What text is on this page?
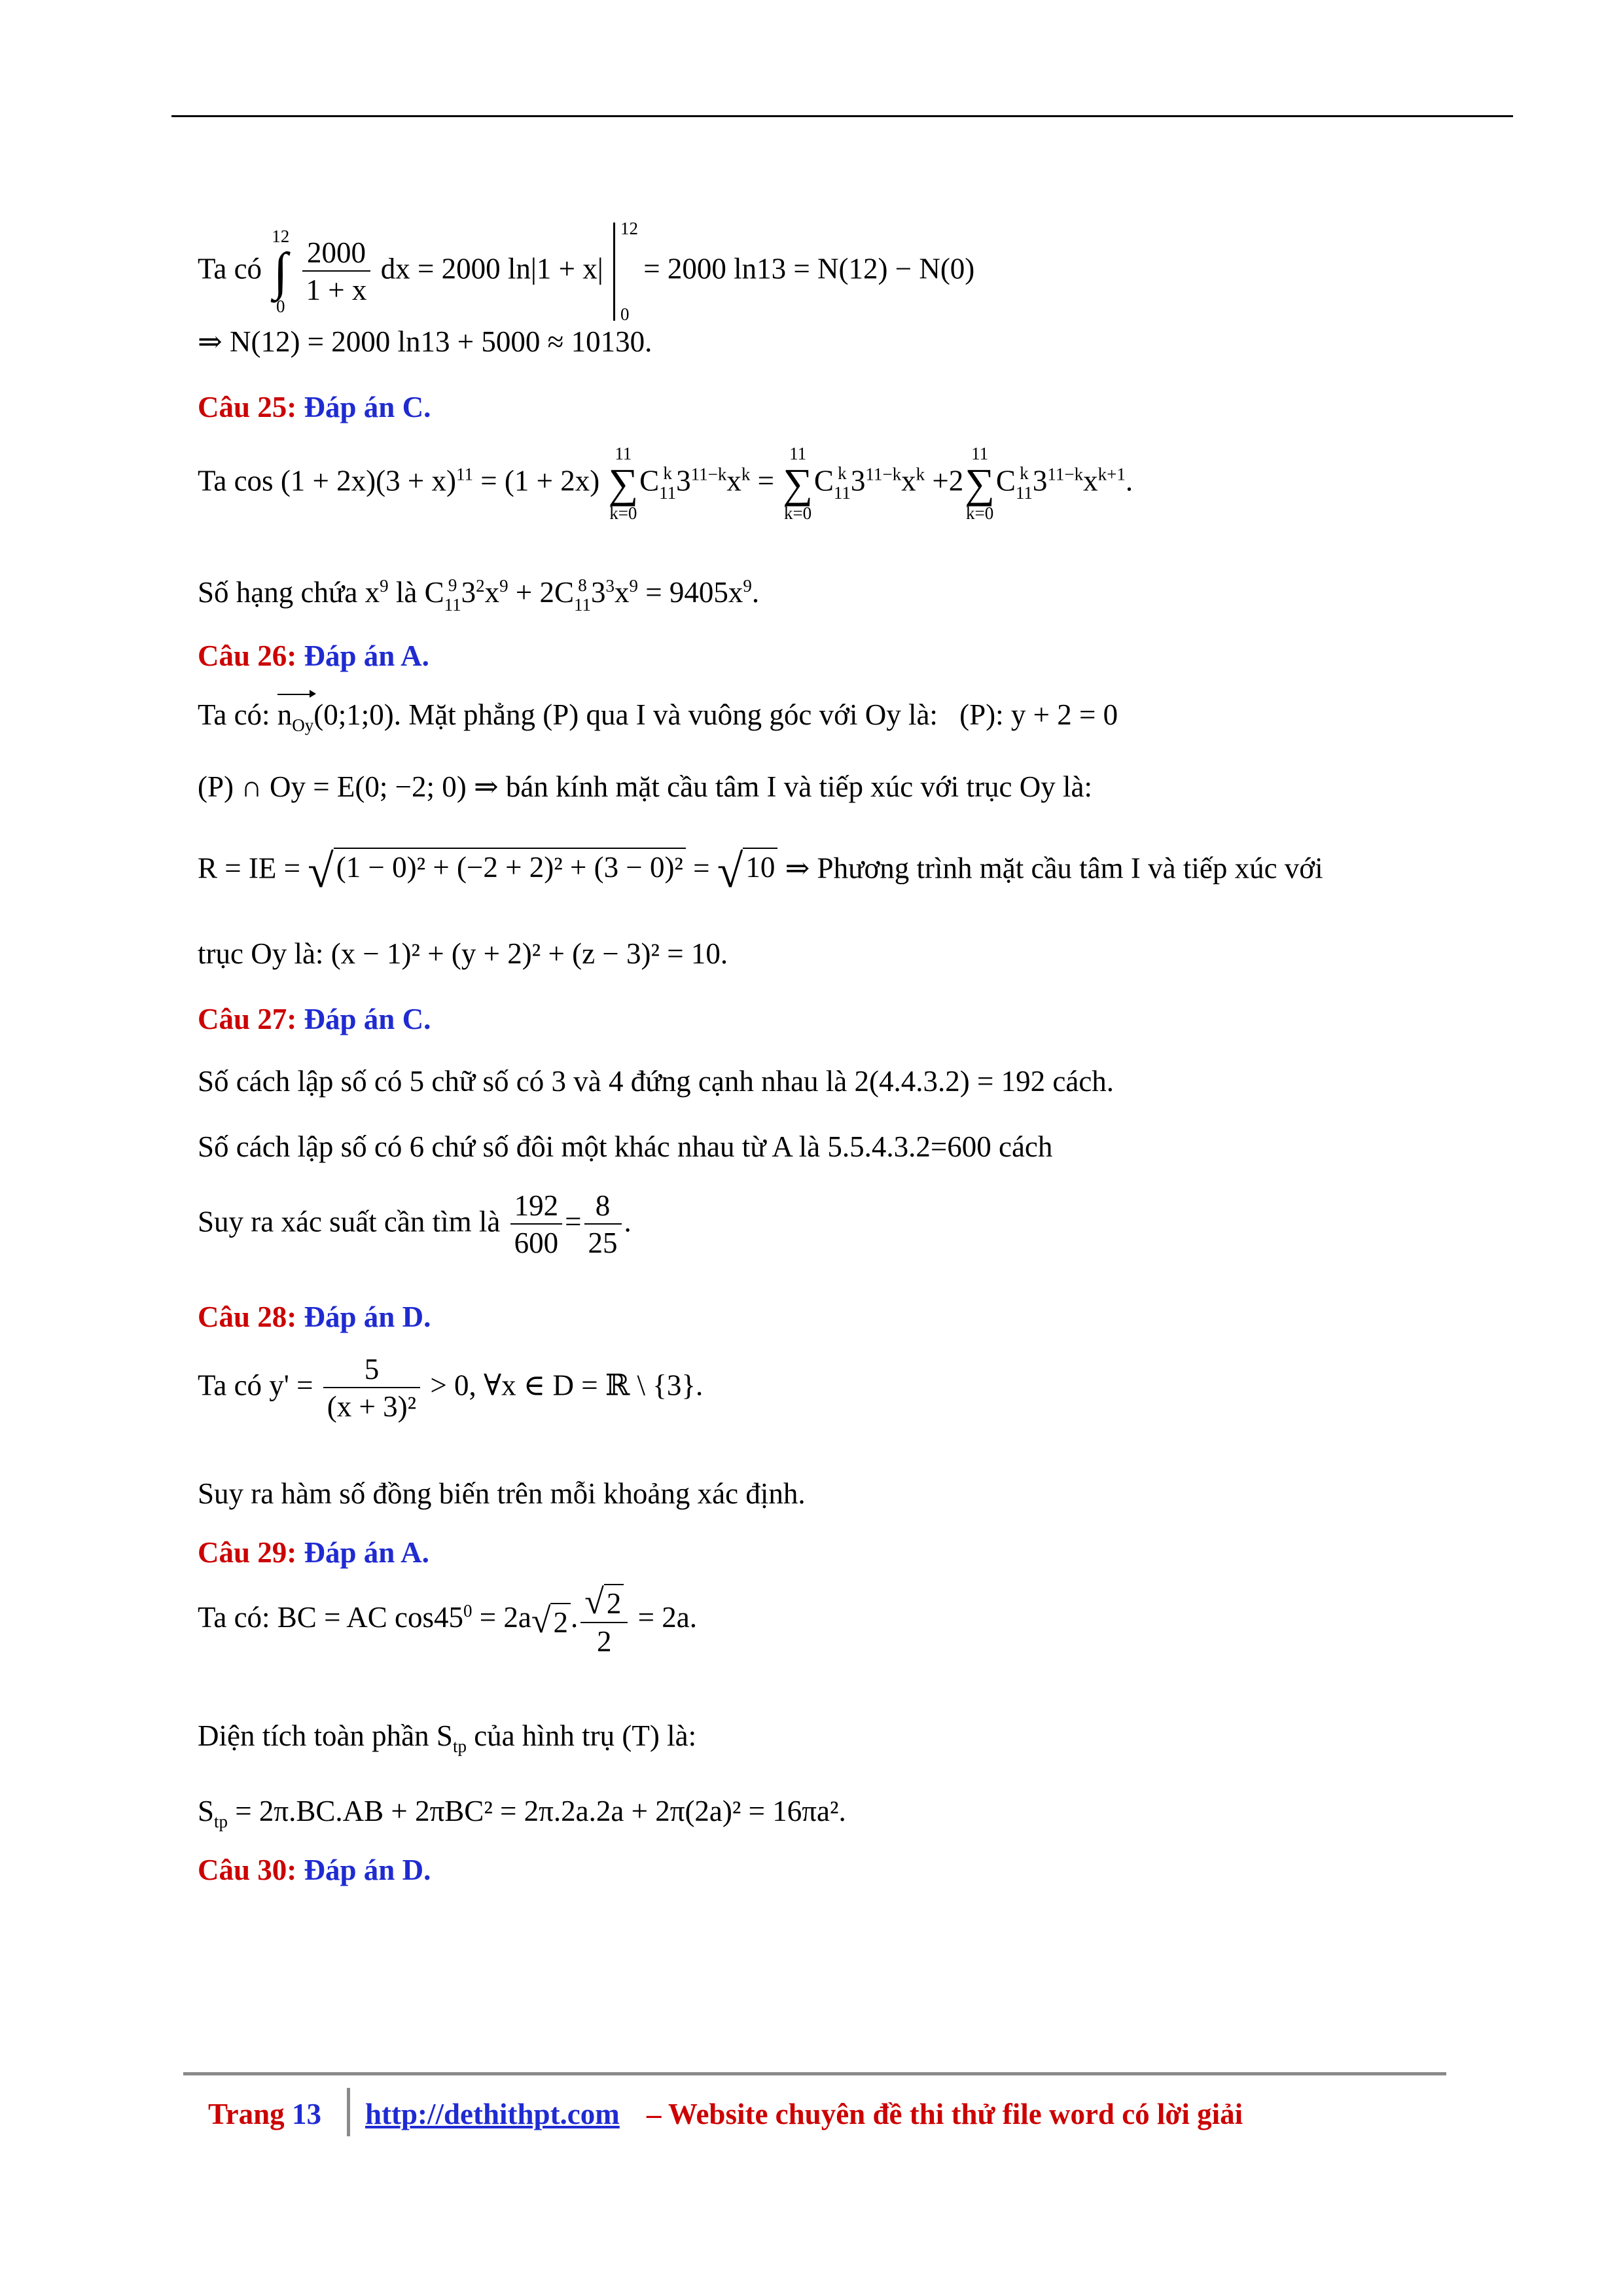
Ta có
12
∫
0

$\frac{2000}{1 + x}$ dx = 2000 ln|1 + x|
12
0
= 2000 ln13 = N(12) − N(0)
⇒ N(12) = 2000 ln13 + 5000 ≈ 10130.
Câu 25: Đáp án C.
Ta $\cos (1 + 2x)(3 + x)^{11} = (1 + 2x)$
11
∑
k=0
C k
11 $3^{11-k}x^k$ =
11
∑
k=0
C k
11 $3^{11-k}x^k +2$
11
∑
k=0
C k
11 $3^{11-k}x^{k+1}$.
Số hạng chứa $x^9$ là C 9
11 $3^2x^9 + 2C$ 8
11 $3^3x^9 = 9405x^9$.
Câu 26: Đáp án A.
Ta có: $n_{Oy}(0;1;0)$. Mặt phẳng (P) qua I và vuông góc với Oy là: (P): y + 2 = 0
(P) ∩ Oy = E(0; −2; 0) ⇒ bán kính mặt cầu tâm I và tiếp xúc với trục Oy là:
R = IE = √ (1 − 0)² + (−2 + 2)² + (3 − 0)² = √ 10 ⇒ Phương trình mặt cầu tâm I và tiếp xúc với
trục Oy là: (x − 1)² + (y + 2)² + (z − 3)² = 10.
Câu 27: Đáp án C.
Số cách lập số có 5 chữ số có 3 và 4 đứng cạnh nhau là 2(4.4.3.2) = 192 cách.
Số cách lập số có 6 chứ số đôi một khác nhau từ A là 5.5.4.3.2=600 cách
Suy ra xác suất cần tìm là $\frac{192}{600} = \frac{8}{25}$ .
Câu 28: Đáp án D.
Ta có $y' = \frac{5}{\text{(x + 3)²}} > 0$, ∀x ∈ D = ℝ \ {3}.
Suy ra hàm số đồng biến trên mỗi khoảng xác định.
Câu 29: Đáp án A.
Ta có: BC = AC $\cos 45^0 = 2a$ √ 2 . $\frac{√ 2}{2} = 2a$.
Diện tích toàn phần $S_{tp}$ của hình trụ (T) là:
$S_{tp} = 2\pi.BC.AB + 2\pi BC^2 = 2\pi.2a.2a + 2\pi(2a)^2 = 16\pi a^2$.
Câu 30: Đáp án D.
Trang 13 http://dethithpt.com – Website chuyên đề thi thử file word có lời giải
